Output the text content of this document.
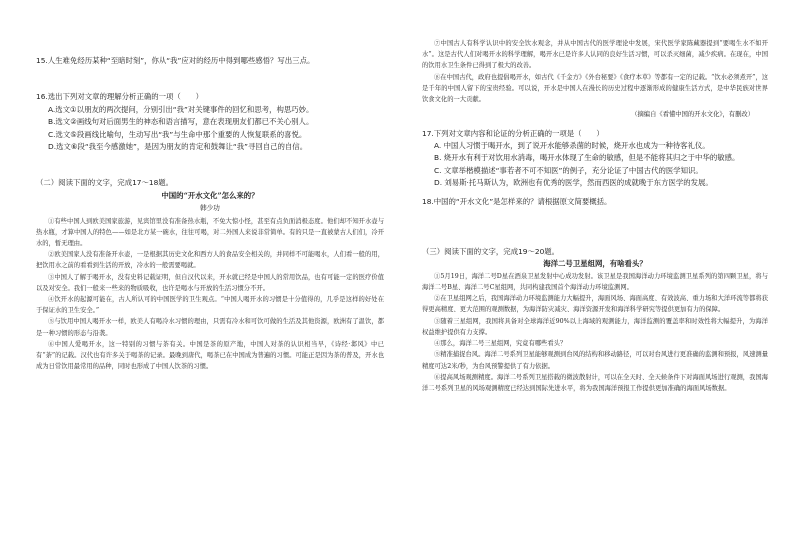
15.人生难免经历某种“至暗时刻”，你从“我”应对的经历中得到哪些感悟？写出三点。

16.选出下列对文章的理解分析正确的一项（　　）

A.选文①以朋友的两次提问，分别引出“我”对关键事件的回忆和思考，构思巧妙。

B.选文②画线句对后面男生的神态和语言描写，意在表现朋友们都已不关心别人。

C.选文⑤段画线比喻句，生动写出“我”与生命中那个重要的人恢复联系的喜悦。

D.选文⑥段“我至今感激她”，是因为朋友的肯定和鼓舞让“我”寻回自己的自信。

（二）阅读下面的文字，完成17～18题。

中国的“开水文化”怎么来的？

韩少功

①有些中国人到欧美国家旅游，见宾馆里没有准备热水瓶，不免大惊小怪，甚至有点负面消极态度。他们却不知开水壶与热水瓶，才算中国人的特色——如是北方某一碗水，往往可喝，对二外国人来说非常简单。有的只是一直被蒙古人们们，冷开水的，暂无理由。

②欧美国家人没有准备开水壶，一是根据其历史文化和西方人的食品安全相关的，并同样不可能喝水，人们看一般的用，把饮用水之前的看看到生活的开放，冷水的一般需要喝就。

③中国人了解于喝开水，没有史料记载证明，但自汉代以来，开水就已经是中国人的常用饮品，也有可能一定的医疗价值以及对安全。我们一般来一些来的物质吸收，也许是喝水与开放的生活习惯分不开。

④饮开水的起源可能在，古人所认可的中国医学的卫生观点。“中国人喝开水的习惯是十分值得的，几乎是这样的好处在于保证水的卫生安全。”

⑤与饮用中国人喝开水一样，欧美人有喝冷水习惯的理由，只需有冷水和可饮可做的生活及其他资源，欧洲有了温饮，都是一种习惯的形态与沿袭。

⑥中国人爱喝开水，这一特别的习惯与茶有关。中国是茶的原产地，中国人对茶的认识相当早，《诗经·邶风》中已有“荼”的记载。汉代也有许多关于喝茶的记录。最晚到唐代，喝茶已在中国成为普遍的习惯。可能正是因为茶的普及，开水也成为日常饮用最常用的品种，同时也形成了中国人饮茶的习惯。

⑦中国古人有科学认识中的安全饮水观念，并从中国古代的医学理论中发展，宋代医学家陈藏器提到“要喝生水不如开水”。这是古代人们对喝开水的科学理解，喝开水已是许多人认同的良好生活习惯，可以杀灭细菌，减少疾病。在现在，中国的饮用水卫生条件已得到了极大的改善。

⑧在中国古代，政府也提倡喝开水，如古代《千金方》《外台秘要》《食疗本草》等都有一定的记载。“饮水必须煮开”，这是千年的中国人留下的宝贵经验。可以说，开水是中国人在漫长的历史过程中逐渐形成的健康生活方式，是中华民族对世界饮食文化的一大贡献。

（摘编自《看懂中国的开水文化》，有删改）

17.下列对文章内容和论证的分析正确的一项是（　　）

A. 中国人习惯于喝开水，到了说开水能够杀菌的时候，烧开水也成为一种待客礼仪。

B. 烧开水有利于对饮用水消毒，喝开水体现了生命的敏感，但是不能将其归之于中华的敏感。

C. 文章举楷模描述“事若者不可不知医”的例子，充分论证了中国古代的医学知识。

D. 刘易斯·托马斯认为，欧洲也有优秀的医学，然而西医的成就晚于东方医学的发展。

18.中国的“开水文化”是怎样来的？请根据原文简要概括。

（三）阅读下面的文字，完成19～20题。

海洋二号卫星组网，有啥看头？

①5月19日，海洋二号D星在酒泉卫星发射中心成功发射。该卫星是我国海洋动力环境监测卫星系列的第四颗卫星，将与海洋二号B星、海洋二号C星组网，共同构建我国首个海洋动力环境监测网。

②在卫星组网之后，我国海洋动力环境监测能力大幅提升，海面风场、海面高度、有效波高、重力场和大洋环流等都将获得更高精度、更大范围的观测数据，为海洋防灾减灾、海洋资源开发和海洋科学研究等提供更加有力的保障。

③随着三星组网，我国将具备对全球海洋近90%以上海域的观测能力，海洋监测的覆盖率和时效性将大幅提升，为海洋权益维护提供有力支撑。

④那么，海洋二号三星组网，究竟有哪些看头？

⑤精准捕捉台风。海洋二号系列卫星能够观测到台风的结构和移动路径，可以对台风进行更准确的监测和预报，风速测量精度可达2米/秒，为台风预警提供了有力依据。

⑥提高风场观测精度。海洋二号系列卫星搭载的微波散射计，可以在全天时、全天候条件下对海面风场进行观测，我国海洋二号系列卫星的风场观测精度已经达到国际先进水平，将为我国海洋预报工作提供更加准确的海面风场数据。
